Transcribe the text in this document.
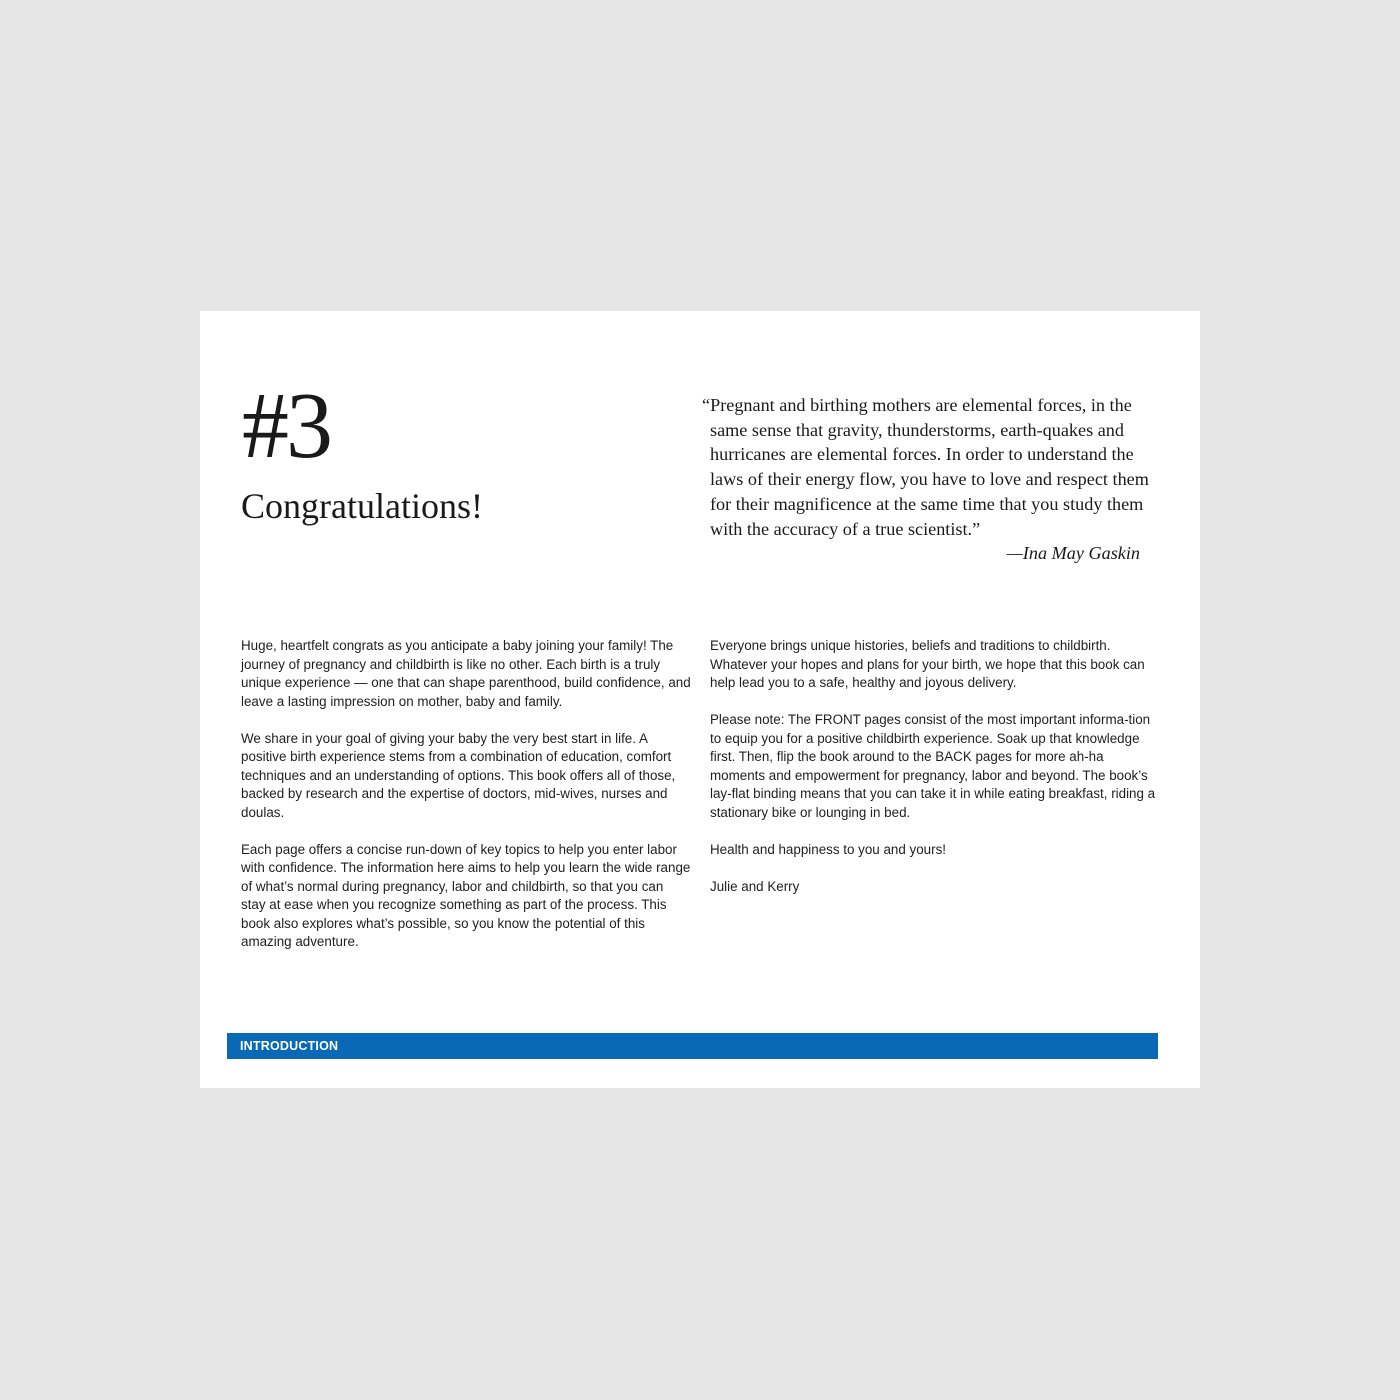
#3
Congratulations!

“Pregnant and birthing mothers are elemental forces, in the same sense that gravity, thunderstorms, earth‑quakes and hurricanes are elemental forces. In order to understand the laws of their energy flow, you have to love and respect them for their magnificence at the same time that you study them with the accuracy of a true scientist.”

—Ina May Gaskin

Huge, heartfelt congrats as you anticipate a baby joining your family! The journey of pregnancy and childbirth is like no other. Each birth is a truly unique experience — one that can shape parenthood, build confidence, and leave a lasting impression on mother, baby and family.

We share in your goal of giving your baby the very best start in life. A positive birth experience stems from a combination of education, comfort techniques and an understanding of options. This book offers all of those, backed by research and the expertise of doctors, mid‑wives, nurses and doulas.

Each page offers a concise run-down of key topics to help you enter labor with confidence. The information here aims to help you learn the wide range of what’s normal during pregnancy, labor and childbirth, so that you can stay at ease when you recognize something as part of the process. This book also explores what’s possible, so you know the potential of this amazing adventure.

Everyone brings unique histories, beliefs and traditions to childbirth. Whatever your hopes and plans for your birth, we hope that this book can help lead you to a safe, healthy and joyous delivery.

Please note: The FRONT pages consist of the most important informa‑tion to equip you for a positive childbirth experience. Soak up that knowledge first. Then, flip the book around to the BACK pages for more ah-ha moments and empowerment for pregnancy, labor and beyond. The book’s lay-flat binding means that you can take it in while eating breakfast, riding a stationary bike or lounging in bed.

Health and happiness to you and yours!

Julie and Kerry

INTRODUCTION
